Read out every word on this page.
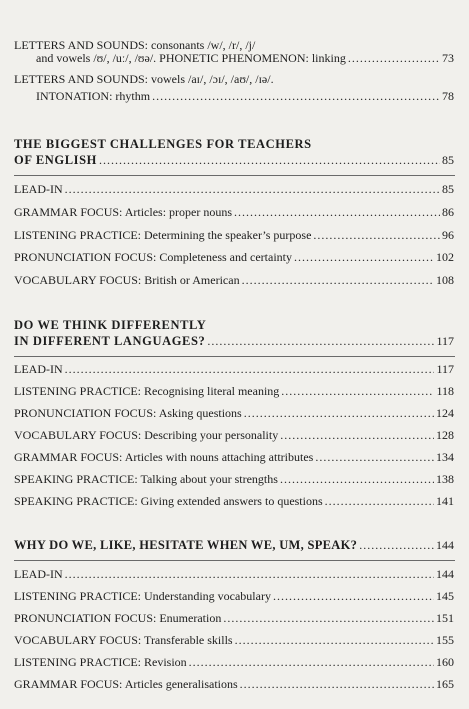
LETTERS AND SOUNDS: consonants /w/, /r/, /j/
and vowels /ʊ/, /uː/, /ʊə/. PHONETIC PHENOMENON: linking .....	73
LETTERS AND SOUNDS: vowels /aɪ/, /ɔɪ/, /aʊ/, /ɪə/.
INTONATION: rhythm .....	78
THE BIGGEST CHALLENGES FOR TEACHERS
OF ENGLISH .....	85
LEAD-IN .....	85
GRAMMAR FOCUS: Articles: proper nouns .....	86
LISTENING PRACTICE: Determining the speaker’s purpose .....	96
PRONUNCIATION FOCUS: Completeness and certainty .....	102
VOCABULARY FOCUS: British or American .....	108
DO WE THINK DIFFERENTLY
IN DIFFERENT LANGUAGES? .....	117
LEAD-IN .....	117
LISTENING PRACTICE: Recognising literal meaning .....	118
PRONUNCIATION FOCUS: Asking questions .....	124
VOCABULARY FOCUS: Describing your personality .....	128
GRAMMAR FOCUS: Articles with nouns attaching attributes .....	134
SPEAKING PRACTICE: Talking about your strengths .....	138
SPEAKING PRACTICE: Giving extended answers to questions .....	141
WHY DO WE, LIKE, HESITATE WHEN WE, UM, SPEAK? .....	144
LEAD-IN .....	144
LISTENING PRACTICE: Understanding vocabulary .....	145
PRONUNCIATION FOCUS: Enumeration .....	151
VOCABULARY FOCUS: Transferable skills .....	155
LISTENING PRACTICE: Revision .....	160
GRAMMAR FOCUS: Articles generalisations .....	165
